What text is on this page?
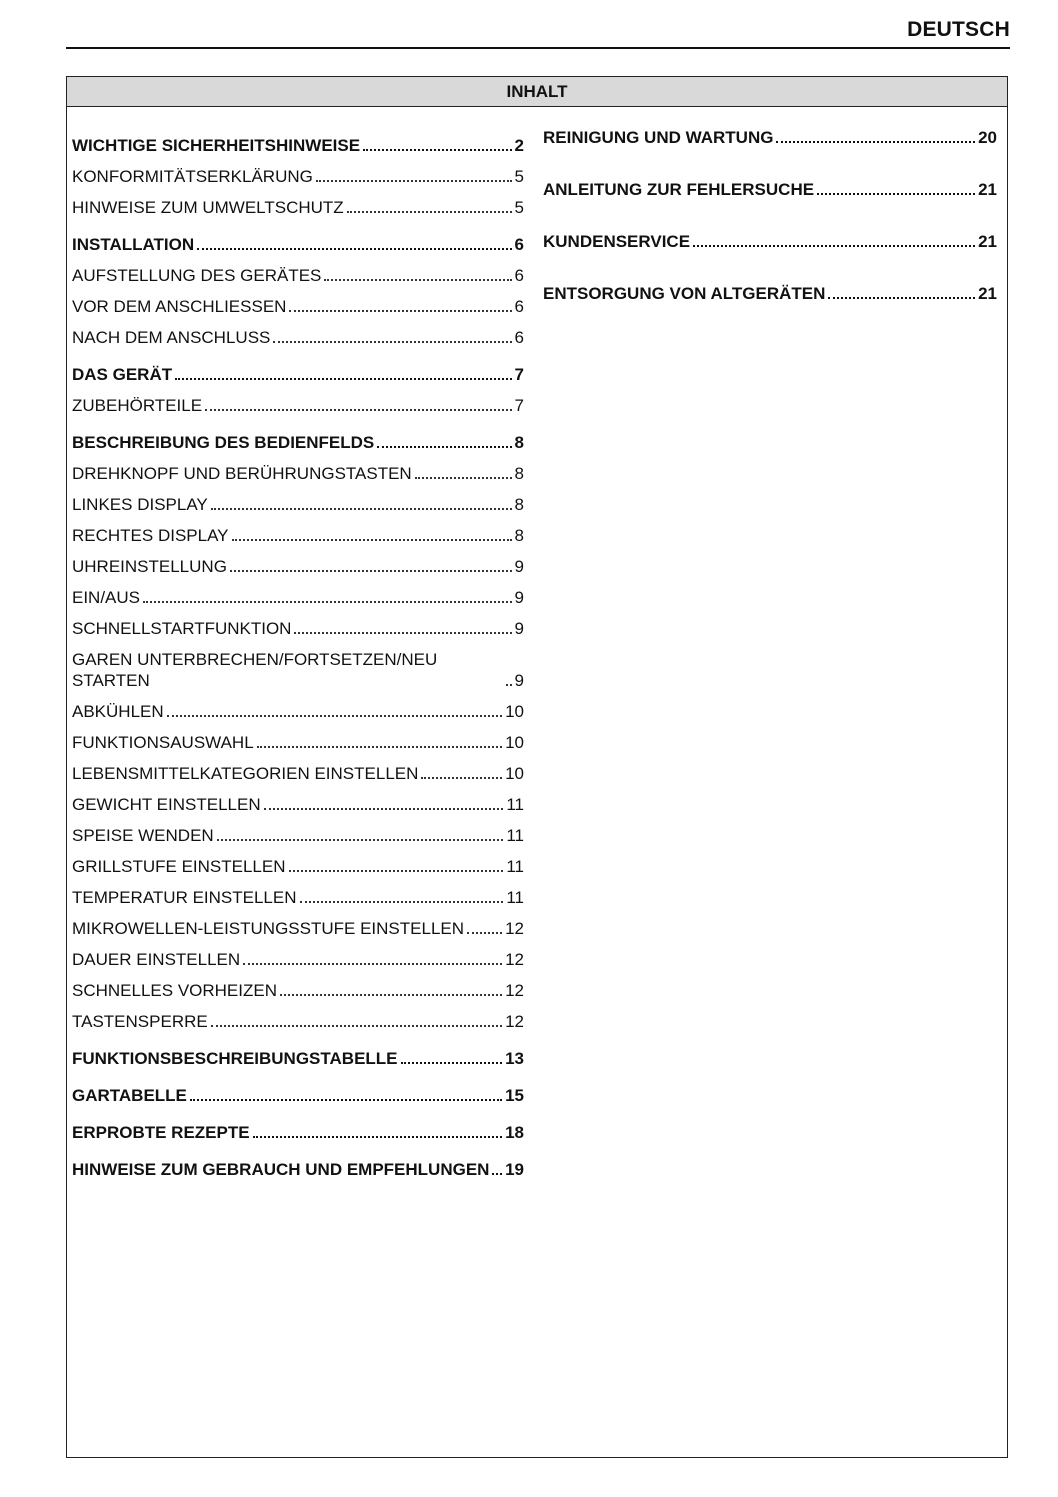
DEUTSCH
INHALT
WICHTIGE SICHERHEITSHINWEISE	2
KONFORMITÄTSERKLÄRUNG	5
HINWEISE ZUM UMWELTSCHUTZ	5
INSTALLATION	6
AUFSTELLUNG DES GERÄTES	6
VOR DEM ANSCHLIESSEN	6
NACH DEM ANSCHLUSS	6
DAS GERÄT	7
ZUBEHÖRTEILE	7
BESCHREIBUNG DES BEDIENFELDS	8
DREHKNOPF UND BERÜHRUNGSTASTEN	8
LINKES DISPLAY	8
RECHTES DISPLAY	8
UHREINSTELLUNG	9
EIN/AUS	9
SCHNELLSTARTFUNKTION	9
GAREN UNTERBRECHEN/FORTSETZEN/NEU STARTEN	9
ABKÜHLEN	10
FUNKTIONSAUSWAHL	10
LEBENSMITTELKATEGORIEN EINSTELLEN	10
GEWICHT EINSTELLEN	11
SPEISE WENDEN	11
GRILLSTUFE EINSTELLEN	11
TEMPERATUR EINSTELLEN	11
MIKROWELLEN-LEISTUNGSSTUFE EINSTELLEN 12
DAUER EINSTELLEN	12
SCHNELLES VORHEIZEN	12
TASTENSPERRE	12
FUNKTIONSBESCHREIBUNGSTABELLE	13
GARTABELLE	15
ERPROBTE REZEPTE	18
HINWEISE ZUM GEBRAUCH UND EMPFEHLUNGEN 19
REINIGUNG UND WARTUNG	20
ANLEITUNG ZUR FEHLERSUCHE	21
KUNDENSERVICE	21
ENTSORGUNG VON ALTGERÄTEN	21
